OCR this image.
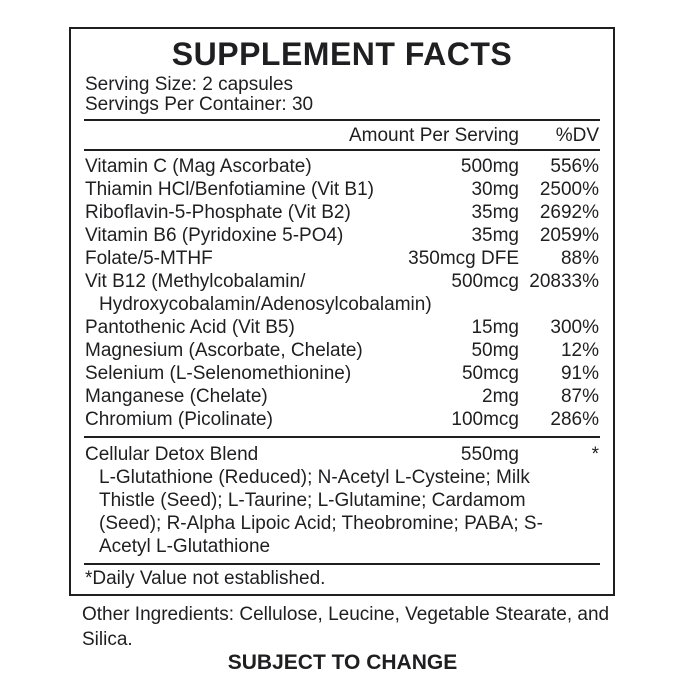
SUPPLEMENT FACTS
Serving Size: 2 capsules
Servings Per Container: 30
Amount Per Serving	%DV
Vitamin C (Mag Ascorbate)	500mg	556%
Thiamin HCl/Benfotiamine (Vit B1)	30mg	2500%
Riboflavin-5-Phosphate (Vit B2)	35mg	2692%
Vitamin B6 (Pyridoxine 5-PO4)	35mg	2059%
Folate/5-MTHF	350mcg DFE	88%
Vit B12 (Methylcobalamin/	500mcg 20833%
Hydroxycobalamin/Adenosylcobalamin)
Pantothenic Acid (Vit B5)	15mg	300%
Magnesium (Ascorbate, Chelate)	50mg	12%
Selenium (L-Selenomethionine)	50mcg	91%
Manganese (Chelate)	2mg	87%
Chromium (Picolinate)	100mcg	286%
Cellular Detox Blend	550mg	*
L-Glutathione (Reduced); N-Acetyl L-Cysteine; Milk Thistle (Seed); L-Taurine; L-Glutamine; Cardamom (Seed); R-Alpha Lipoic Acid; Theobromine; PABA; S-Acetyl L-Glutathione
*Daily Value not established.
Other Ingredients: Cellulose, Leucine, Vegetable Stearate, and Silica.
SUBJECT TO CHANGE
